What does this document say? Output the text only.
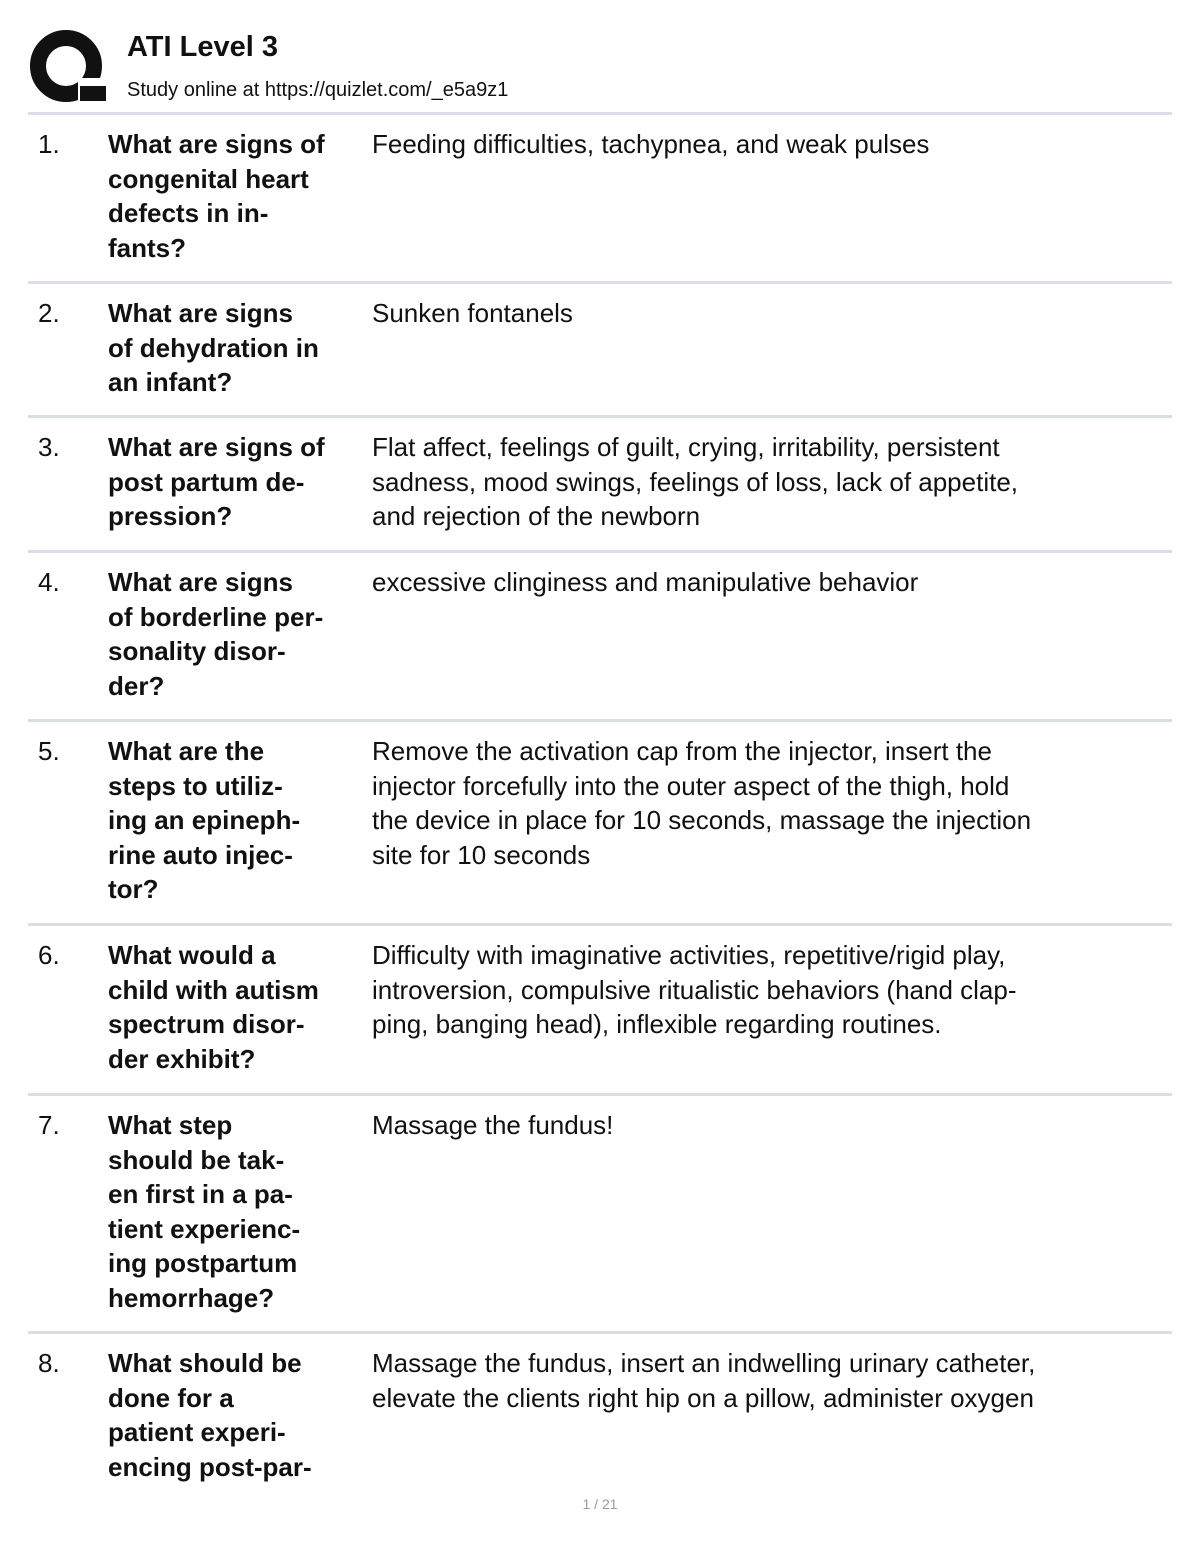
ATI Level 3
Study online at https://quizlet.com/_e5a9z1
1. What are signs of
congenital heart
defects in in-
fants?
Feeding difficulties, tachypnea, and weak pulses
2. What are signs
of dehydration in
an infant?
Sunken fontanels
3. What are signs of
post partum de-
pression?
Flat affect, feelings of guilt, crying, irritability, persistent
sadness, mood swings, feelings of loss, lack of appetite,
and rejection of the newborn
4. What are signs
of borderline per-
sonality disor-
der?
excessive clinginess and manipulative behavior
5. What are the
steps to utiliz-
ing an epineph-
rine auto injec-
tor?
Remove the activation cap from the injector, insert the
injector forcefully into the outer aspect of the thigh, hold
the device in place for 10 seconds, massage the injection
site for 10 seconds
6. What would a
child with autism
spectrum disor-
der exhibit?
Difficulty with imaginative activities, repetitive/rigid play,
introversion, compulsive ritualistic behaviors (hand clap-
ping, banging head), inflexible regarding routines.
7. What step
should be tak-
en first in a pa-
tient experienc-
ing postpartum
hemorrhage?
Massage the fundus!
8. What should be
done for a
patient experi-
encing post-par-
Massage the fundus, insert an indwelling urinary catheter,
elevate the clients right hip on a pillow, administer oxygen
1 / 21
